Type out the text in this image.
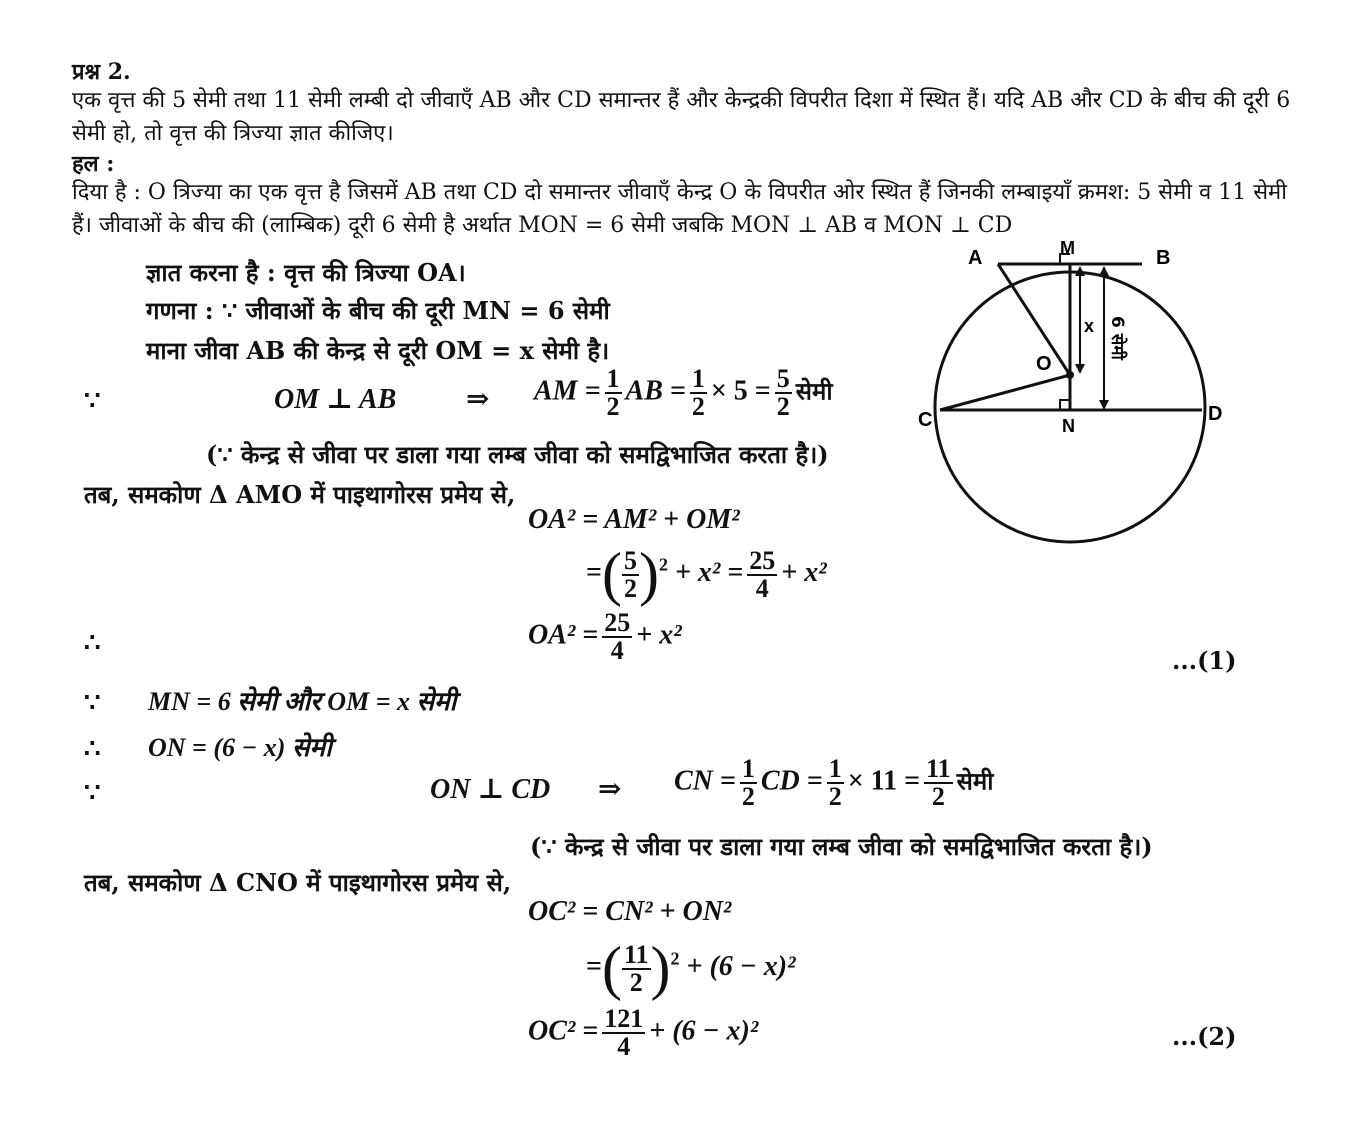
प्रश्न 2.
एक वृत्त की 5 सेमी तथा 11 सेमी लम्बी दो जीवाएँ AB और CD समान्तर हैं और केन्द्रकी विपरीत दिशा में स्थित हैं। यदि AB और CD के बीच की दूरी 6 सेमी हो, तो वृत्त की त्रिज्या ज्ञात कीजिए।
हल :
दिया है : O त्रिज्या का एक वृत्त है जिसमें AB तथा CD दो समान्तर जीवाएँ केन्द्र O के विपरीत ओर स्थित हैं जिनकी लम्बाइयाँ क्रमश: 5 सेमी व 11 सेमी हैं। जीवाओं के बीच की (लाम्बिक) दूरी 6 सेमी है अर्थात MON = 6 सेमी जबकि MON ⊥ AB व MON ⊥ CD
ज्ञात करना है : वृत्त की त्रिज्या OA।
गणना : ∵ जीवाओं के बीच की दूरी MN = 6 सेमी
माना जीवा AB की केन्द्र से दूरी OM = x सेमी है।
∵	OM ⊥ AB ⇒ AM = $\frac{1}{2}$ AB = $\frac{1}{2} \times 5 = \frac{5}{2}$ सेमी
(∵ केन्द्र से जीवा पर डाला गया लम्ब जीवा को समद्विभाजित करता है।)
तब, समकोण Δ AMO में पाइथागोरस प्रमेय से,
OA² = AM² + OM²
=( $\frac{5}{2} )^2 + x^2 = \frac{25}{4} + x^2$
∴	$OA^2 = \frac{25}{4} + x^2$
...(1)
∵ MN = 6 सेमी और OM = x सेमी
∴ ON = (6 − x) सेमी
∵	ON ⊥ CD ⇒ CN = $\frac{1}{2}$ CD = $\frac{1}{2} \times 11 = \frac{11}{2}$ सेमी
(∵ केन्द्र से जीवा पर डाला गया लम्ब जीवा को समद्विभाजित करता है।)
तब, समकोण Δ CNO में पाइथागोरस प्रमेय से,
OC² = CN² + ON²
=( $\frac{11}{2} )^2 + (6 - x)^2$
$OC^2 = \frac{121}{4} + (6 - x)^2$	...(2)
A	B
C	D
M
N
O
x 6 सेमी
